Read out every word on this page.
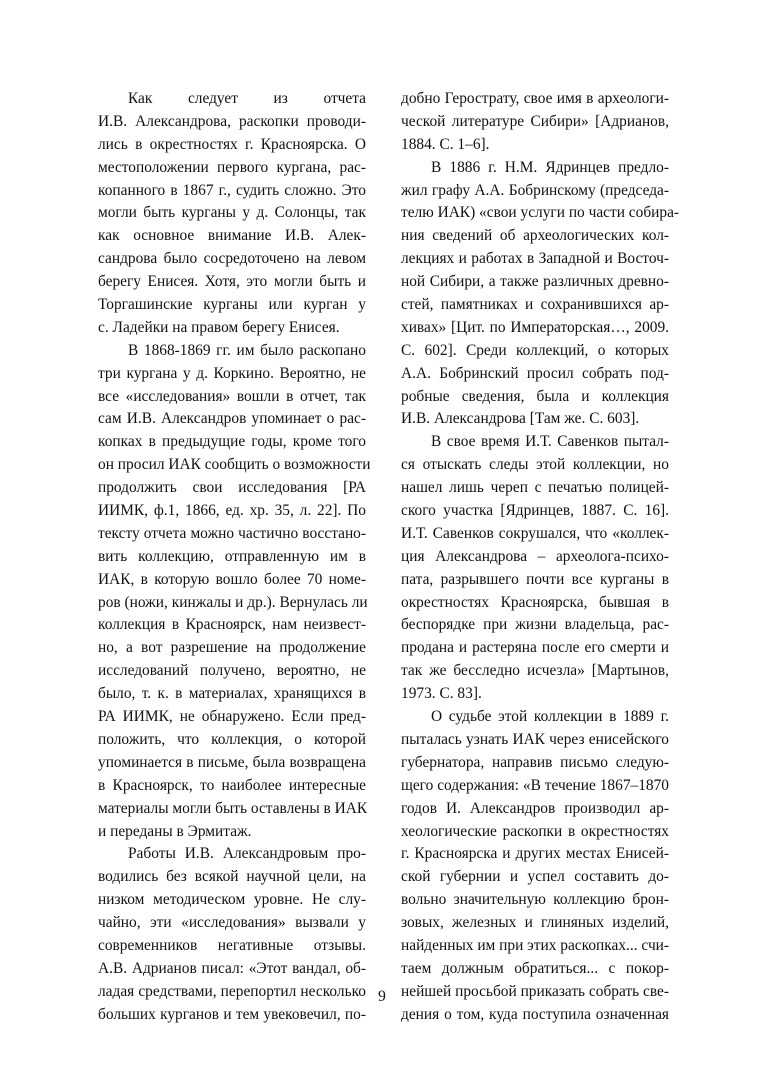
Как следует из отчета
И.В. Александрова, раскопки проводи-
лись в окрестностях г. Красноярска. О
местоположении первого кургана, рас-
копанного в 1867 г., судить сложно. Это
могли быть курганы у д. Солонцы, так
как основное внимание И.В. Алек-
сандрова было сосредоточено на левом
берегу Енисея. Хотя, это могли быть и
Торгашинские курганы или курган у
с. Ладейки на правом берегу Енисея.
В 1868-1869 гг. им было раскопано
три кургана у д. Коркино. Вероятно, не
все «исследования» вошли в отчет, так
сам И.В. Александров упоминает о рас-
копках в предыдущие годы, кроме того
он просил ИАК сообщить о возможности
продолжить свои исследования [РА
ИИМК, ф.1, 1866, ед. хр. 35, л. 22]. По
тексту отчета можно частично восстано-
вить коллекцию, отправленную им в
ИАК, в которую вошло более 70 номе-
ров (ножи, кинжалы и др.). Вернулась ли
коллекция в Красноярск, нам неизвест-
но, а вот разрешение на продолжение
исследований получено, вероятно, не
было, т. к. в материалах, хранящихся в
РА ИИМК, не обнаружено. Если пред-
положить, что коллекция, о которой
упоминается в письме, была возвращена
в Красноярск, то наиболее интересные
материалы могли быть оставлены в ИАК
и переданы в Эрмитаж.
Работы И.В. Александровым про-
водились без всякой научной цели, на
низком методическом уровне. Не слу-
чайно, эти «исследования» вызвали у
современников негативные отзывы.
А.В. Адрианов писал: «Этот вандал, об-
ладая средствами, перепортил несколько
больших курганов и тем увековечил, по-
добно Герострату, свое имя в археологи-
ческой литературе Сибири» [Адрианов,
1884. С. 1–6].
В 1886 г. Н.М. Ядринцев предло-
жил графу А.А. Бобринскому (председа-
телю ИАК) «свои услуги по части собира-
ния сведений об археологических кол-
лекциях и работах в Западной и Восточ-
ной Сибири, а также различных древно-
стей, памятниках и сохранившихся ар-
хивах» [Цит. по Императорская…, 2009.
С. 602]. Среди коллекций, о которых
А.А. Бобринский просил собрать под-
робные сведения, была и коллекция
И.В. Александрова [Там же. С. 603].
В свое время И.Т. Савенков пытал-
ся отыскать следы этой коллекции, но
нашел лишь череп с печатью полицей-
ского участка [Ядринцев, 1887. С. 16].
И.Т. Савенков сокрушался, что «коллек-
ция Александрова – археолога-психо-
пата, разрывшего почти все курганы в
окрестностях Красноярска, бывшая в
беспорядке при жизни владельца, рас-
продана и растеряна после его смерти и
так же бесследно исчезла» [Мартынов,
1973. С. 83].
О судьбе этой коллекции в 1889 г.
пыталась узнать ИАК через енисейского
губернатора, направив письмо следую-
щего содержания: «В течение 1867–1870
годов И. Александров производил ар-
хеологические раскопки в окрестностях
г. Красноярска и других местах Енисей-
ской губернии и успел составить до-
вольно значительную коллекцию брон-
зовых, железных и глиняных изделий,
найденных им при этих раскопках... счи-
таем должным обратиться... с покор-
нейшей просьбой приказать собрать све-
дения о том, куда поступила означенная
9
